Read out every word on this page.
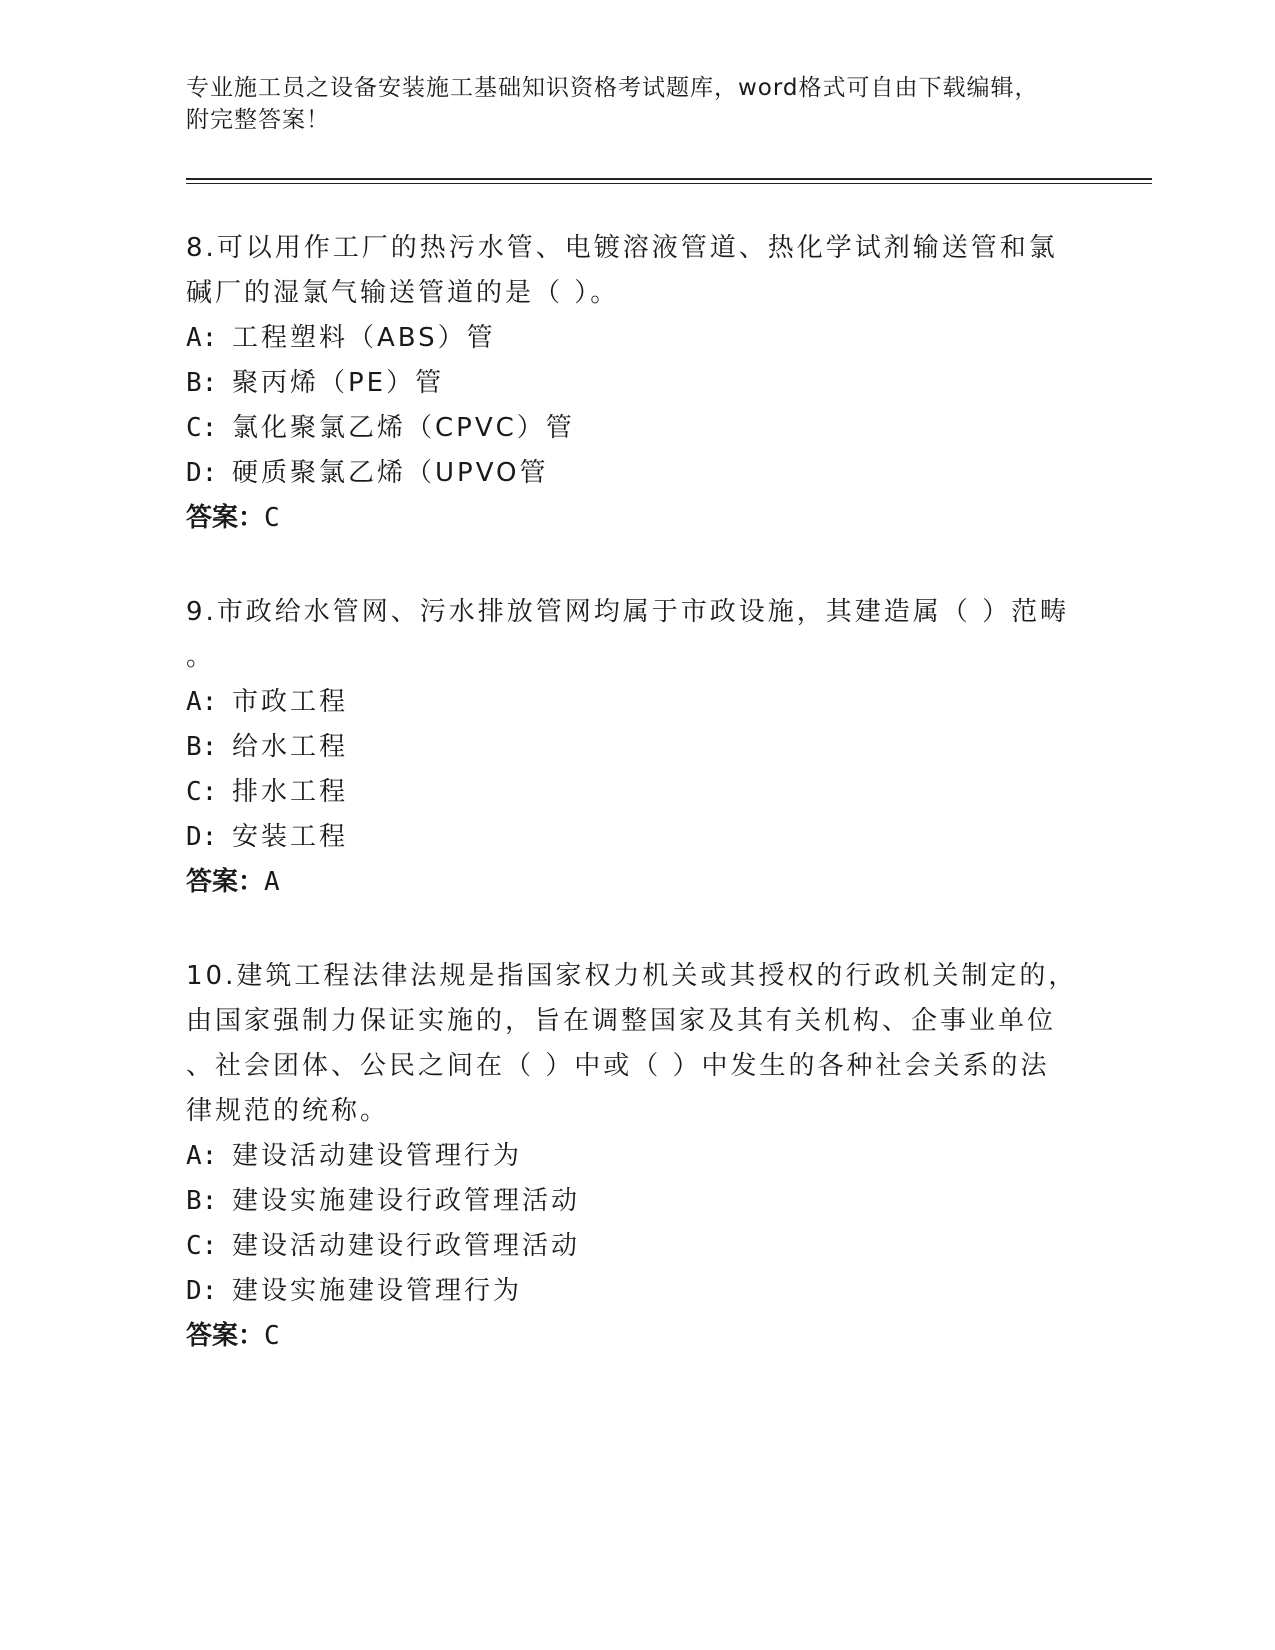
专业施工员之设备安装施工基础知识资格考试题库，word格式可自由下载编辑，
附完整答案！
8.可以用作工厂的热污水管、电镀溶液管道、热化学试剂输送管和氯
碱厂的湿氯气输送管道的是（ ）。
A: 工程塑料（ABS）管
B: 聚丙烯（PE）管
C: 氯化聚氯乙烯（CPVC）管
D: 硬质聚氯乙烯（UPVO管
答案：C
9.市政给水管网、污水排放管网均属于市政设施，其建造属（ ）范畴
。
A: 市政工程
B: 给水工程
C: 排水工程
D: 安装工程
答案：A
10.建筑工程法律法规是指国家权力机关或其授权的行政机关制定的，
由国家强制力保证实施的，旨在调整国家及其有关机构、企事业单位
、社会团体、公民之间在（ ）中或（ ）中发生的各种社会关系的法
律规范的统称。
A: 建设活动建设管理行为
B: 建设实施建设行政管理活动
C: 建设活动建设行政管理活动
D: 建设实施建设管理行为
答案：C
